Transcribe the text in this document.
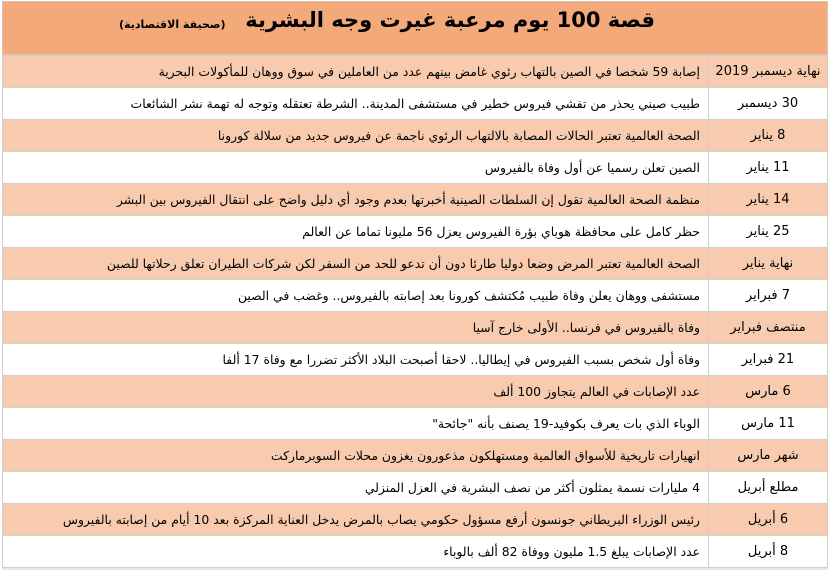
قصة 100 يوم مرعبة غيرت وجه البشرية
(صحيفة الاقتصادية)
نهاية ديسمبر 2019	إصابة 59 شخصا في الصين بالتهاب رئوي غامض بينهم عدد من العاملين في سوق ووهان للمأكولات البحرية
30 ديسمبر	طبيب صيني يحذر من تفشي فيروس خطير في مستشفى المدينة.. الشرطة تعتقله وتوجه له تهمة نشر الشائعات
8 يناير	الصحة العالمية تعتبر الحالات المصابة بالالتهاب الرئوي ناجمة عن فيروس جديد من سلالة كورونا
11 يناير	الصين تعلن رسميا عن أول وفاة بالفيروس
14 يناير	منظمة الصحة العالمية تقول إن السلطات الصينية أخبرتها بعدم وجود أي دليل واضح على انتقال الفيروس بين البشر
25 يناير	حظر كامل على محافظة هوباي بؤرة الفيروس يعزل 56 مليونا تماما عن العالم
نهاية يناير	الصحة العالمية تعتبر المرض وضعا دوليا طارئا دون أن تدعو للحد من السفر لكن شركات الطيران تعلق رحلاتها للصين
7 فبراير	مستشفى ووهان يعلن وفاة طبيب مُكتشف كورونا بعد إصابته بالفيروس.. وغضب في الصين
منتصف فبراير	وفاة بالفيروس في فرنسا.. الأولى خارج آسيا
21 فبراير	وفاة أول شخص بسبب الفيروس في إيطاليا.. لاحقا أصبحت البلاد الأكثر تضررا مع وفاة 17 ألفا
6 مارس	عدد الإصابات في العالم يتجاوز 100 ألف
11 مارس	الوباء الذي بات يعرف بكوفيد-19 يصنف بأنه "جائحة"
شهر مارس	انهيارات تاريخية للأسواق العالمية ومستهلكون مذعورون يغزون محلات السوبرماركت
مطلع أبريل	4 مليارات نسمة يمثلون أكثر من نصف البشرية في العزل المنزلي
6 أبريل	رئيس الوزراء البريطاني جونسون أرفع مسؤول حكومي يصاب بالمرض يدخل العناية المركزة بعد 10 أيام من إصابته بالفيروس
8 أبريل	عدد الإصابات يبلغ 1.5 مليون ووفاة 82 ألف بالوباء
